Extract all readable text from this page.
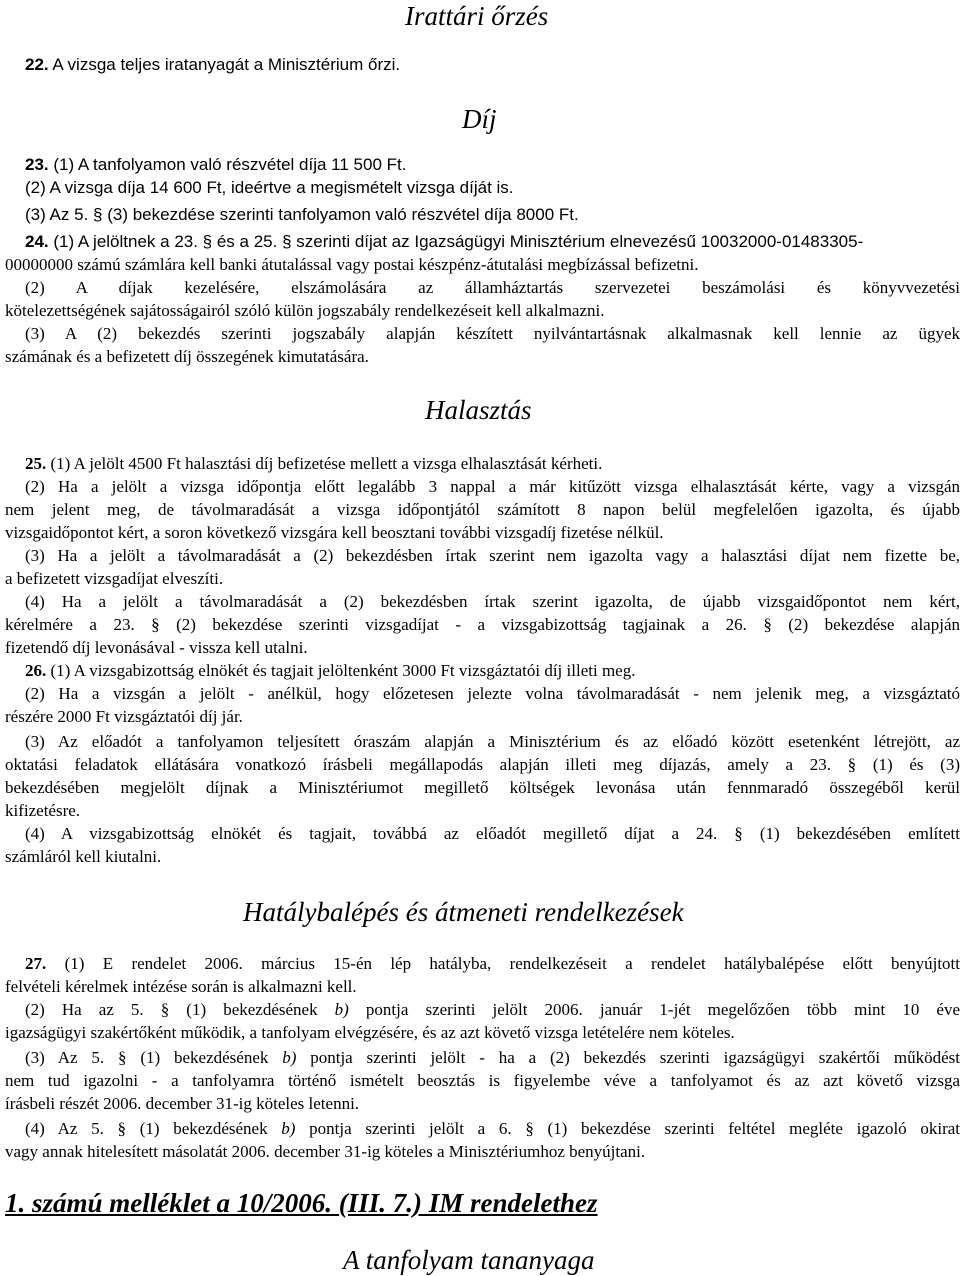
Irattári őrzés

22. A vizsga teljes iratanyagát a Minisztérium őrzi.

Díj

23. (1) A tanfolyamon való részvétel díja 11 500 Ft.

(2) A vizsga díja 14 600 Ft, ideértve a megismételt vizsga díját is.

(3) Az 5. § (3) bekezdése szerinti tanfolyamon való részvétel díja 8000 Ft.

24. (1) A jelöltnek a 23. § és a 25. § szerinti díjat az Igazságügyi Minisztérium elnevezésű 10032000-01483305-

00000000 számú számlára kell banki átutalással vagy postai készpénz-átutalási megbízással befizetni.

(2) A díjak kezelésére, elszámolására az államháztartás szervezetei beszámolási és könyvvezetési

kötelezettségének sajátosságairól szóló külön jogszabály rendelkezéseit kell alkalmazni.

(3) A (2) bekezdés szerinti jogszabály alapján készített nyilvántartásnak alkalmasnak kell lennie az ügyek

számának és a befizetett díj összegének kimutatására.

Halasztás

25. (1) A jelölt 4500 Ft halasztási díj befizetése mellett a vizsga elhalasztását kérheti.

(2) Ha a jelölt a vizsga időpontja előtt legalább 3 nappal a már kitűzött vizsga elhalasztását kérte, vagy a vizsgán

nem jelent meg, de távolmaradását a vizsga időpontjától számított 8 napon belül megfelelően igazolta, és újabb

vizsgaidőpontot kért, a soron következő vizsgára kell beosztani további vizsgadíj fizetése nélkül.

(3) Ha a jelölt a távolmaradását a (2) bekezdésben írtak szerint nem igazolta vagy a halasztási díjat nem fizette be,

a befizetett vizsgadíjat elveszíti.

(4) Ha a jelölt a távolmaradását a (2) bekezdésben írtak szerint igazolta, de újabb vizsgaidőpontot nem kért,

kérelmére a 23. § (2) bekezdése szerinti vizsgadíjat - a vizsgabizottság tagjainak a 26. § (2) bekezdése alapján

fizetendő díj levonásával - vissza kell utalni.

26. (1) A vizsgabizottság elnökét és tagjait jelöltenként 3000 Ft vizsgáztatói díj illeti meg.

(2) Ha a vizsgán a jelölt - anélkül, hogy előzetesen jelezte volna távolmaradását - nem jelenik meg, a vizsgáztató

részére 2000 Ft vizsgáztatói díj jár.

(3) Az előadót a tanfolyamon teljesített óraszám alapján a Minisztérium és az előadó között esetenként létrejött, az

oktatási feladatok ellátására vonatkozó írásbeli megállapodás alapján illeti meg díjazás, amely a 23. § (1) és (3)

bekezdésében megjelölt díjnak a Minisztériumot megillető költségek levonása után fennmaradó összegéből kerül

kifizetésre.

(4) A vizsgabizottság elnökét és tagjait, továbbá az előadót megillető díjat a 24. § (1) bekezdésében említett

számláról kell kiutalni.

Hatálybalépés és átmeneti rendelkezések

27. (1) E rendelet 2006. március 15-én lép hatályba, rendelkezéseit a rendelet hatálybalépése előtt benyújtott

felvételi kérelmek intézése során is alkalmazni kell.

(2) Ha az 5. § (1) bekezdésének b) pontja szerinti jelölt 2006. január 1-jét megelőzően több mint 10 éve

igazságügyi szakértőként működik, a tanfolyam elvégzésére, és az azt követő vizsga letételére nem köteles.

(3) Az 5. § (1) bekezdésének b) pontja szerinti jelölt - ha a (2) bekezdés szerinti igazságügyi szakértői működést

nem tud igazolni - a tanfolyamra történő ismételt beosztás is figyelembe véve a tanfolyamot és az azt követő vizsga

írásbeli részét 2006. december 31-ig köteles letenni.

(4) Az 5. § (1) bekezdésének b) pontja szerinti jelölt a 6. § (1) bekezdése szerinti feltétel megléte igazoló okirat

vagy annak hitelesített másolatát 2006. december 31-ig köteles a Minisztériumhoz benyújtani.

1. számú melléklet a 10/2006. (III. 7.) IM rendelethez
A tanfolyam tananyaga
